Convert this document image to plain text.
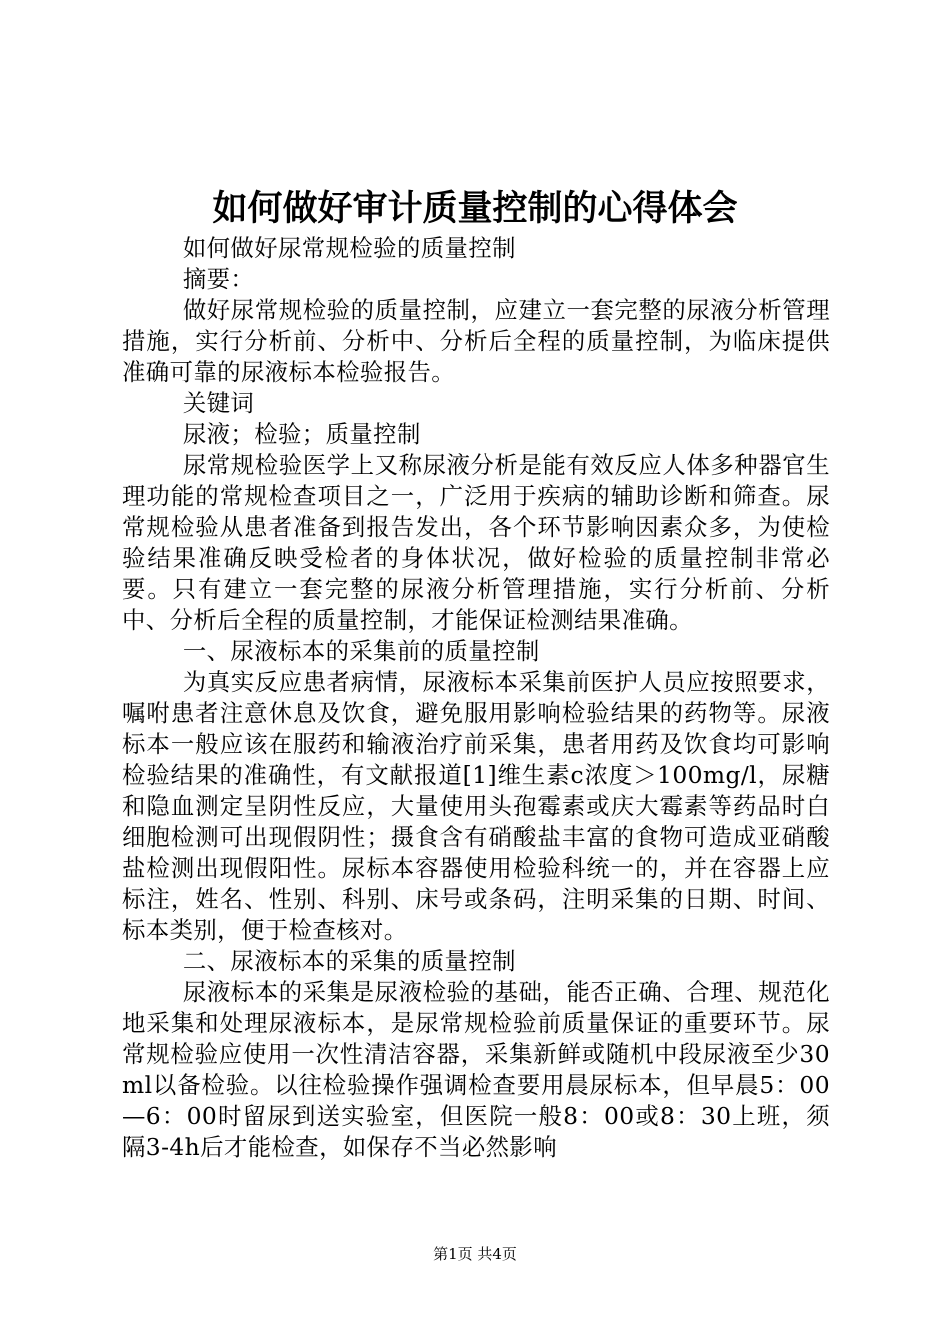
如何做好审计质量控制的心得体会

如何做好尿常规检验的质量控制

摘要：

做好尿常规检验的质量控制，应建立一套完整的尿液分析管理措施，实行分析前、分析中、分析后全程的质量控制，为临床提供准确可靠的尿液标本检验报告。

关键词

尿液；检验；质量控制

尿常规检验医学上又称尿液分析是能有效反应人体多种器官生理功能的常规检查项目之一，广泛用于疾病的辅助诊断和筛查。尿常规检验从患者准备到报告发出，各个环节影响因素众多，为使检验结果准确反映受检者的身体状况，做好检验的质量控制非常必要。只有建立一套完整的尿液分析管理措施，实行分析前、分析中、分析后全程的质量控制，才能保证检测结果准确。

一、尿液标本的采集前的质量控制

为真实反应患者病情，尿液标本采集前医护人员应按照要求，嘱咐患者注意休息及饮食，避免服用影响检验结果的药物等。尿液标本一般应该在服药和输液治疗前采集，患者用药及饮食均可影响检验结果的准确性，有文献报道[1]维生素c浓度＞100mg/l，尿糖和隐血测定呈阴性反应，大量使用头孢霉素或庆大霉素等药品时白细胞检测可出现假阴性；摄食含有硝酸盐丰富的食物可造成亚硝酸盐检测出现假阳性。尿标本容器使用检验科统一的，并在容器上应标注，姓名、性别、科别、床号或条码，注明采集的日期、时间、标本类别，便于检查核对。

二、尿液标本的采集的质量控制

尿液标本的采集是尿液检验的基础，能否正确、合理、规范化地采集和处理尿液标本，是尿常规检验前质量保证的重要环节。尿常规检验应使用一次性清洁容器，采集新鲜或随机中段尿液至少30ml以备检验。以往检验操作强调检查要用晨尿标本，但早晨5：00—6：00时留尿到送实验室，但医院一般8：00或8：30上班，须隔3-4h后才能检查，如保存不当必然影响

第1页 共4页
